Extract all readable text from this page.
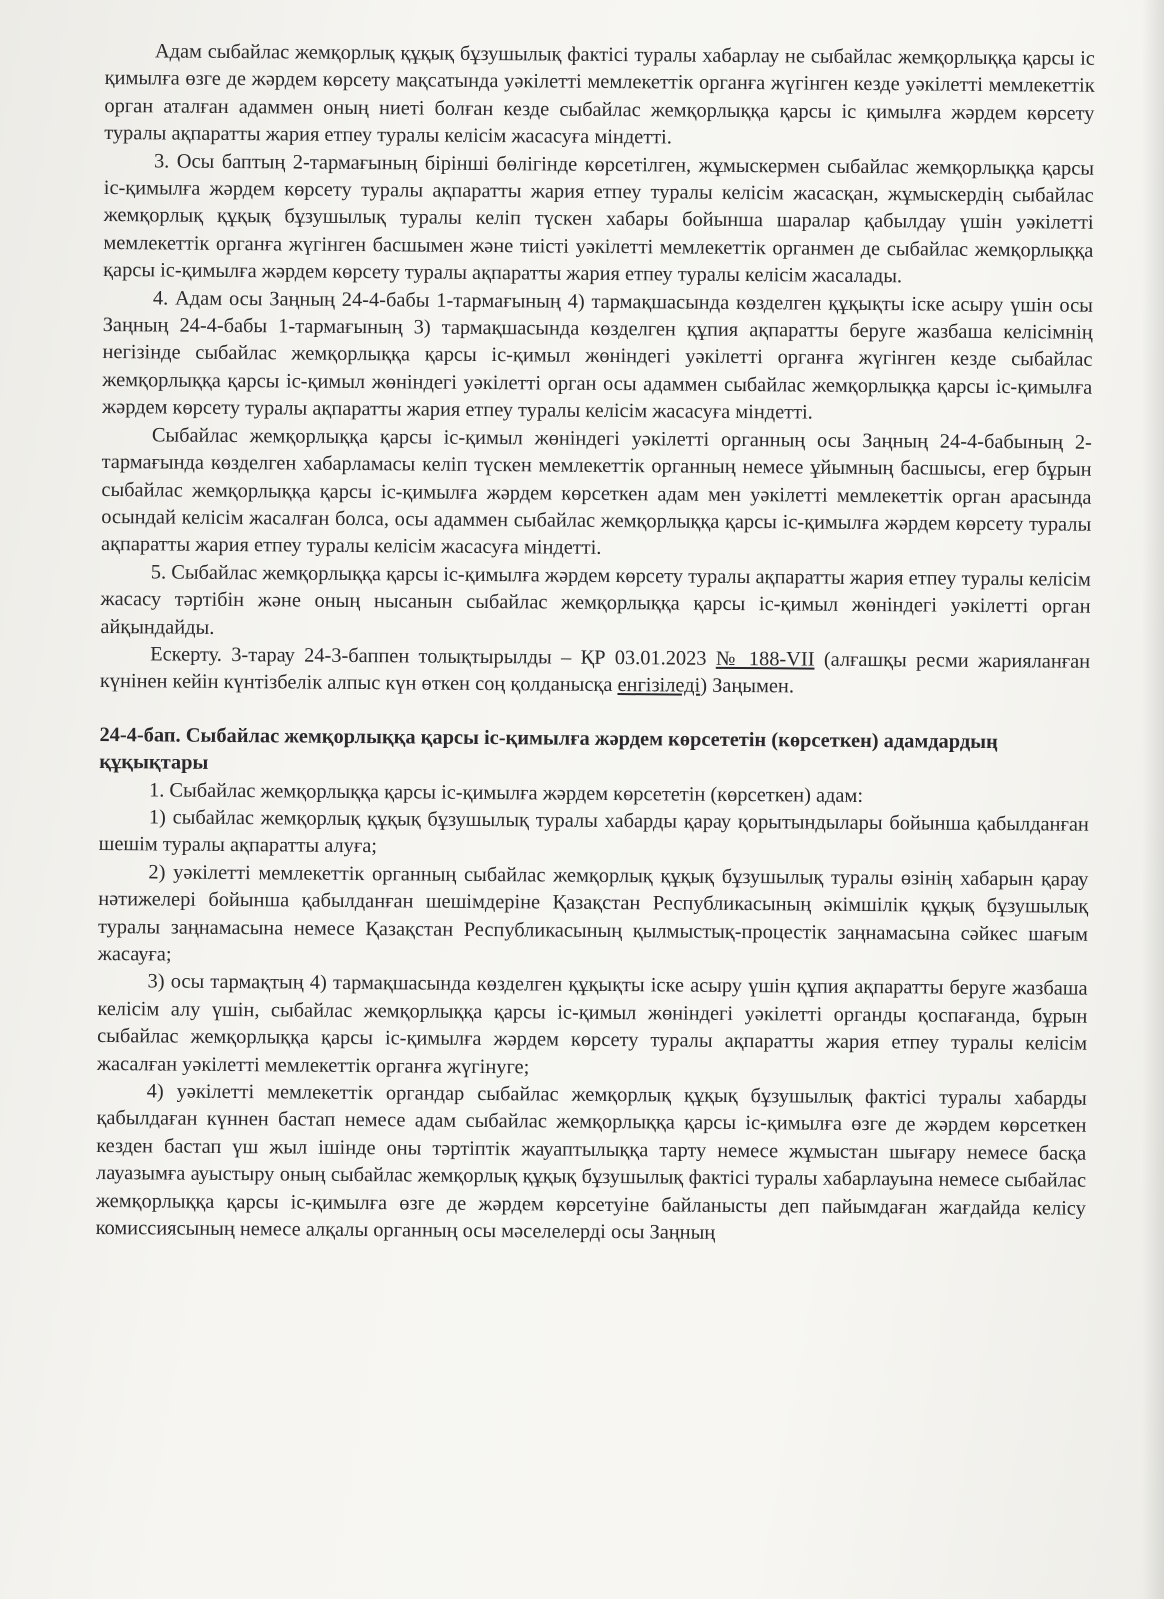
Адам сыбайлас жемқорлық құқық бұзушылық фактісі туралы хабарлау не сыбайлас жемқорлыққа қарсы іс қимылға өзге де жәрдем көрсету мақсатында уәкілетті мемлекеттік органға жүгінген кезде уәкілетті мемлекеттік орган аталған адаммен оның ниеті болған кезде сыбайлас жемқорлыққа қарсы іс қимылға жәрдем көрсету туралы ақпаратты жария етпеу туралы келісім жасасуға міндетті.

3. Осы баптың 2-тармағының бірінші бөлігінде көрсетілген, жұмыскермен сыбайлас жемқорлыққа қарсы іс-қимылға жәрдем көрсету туралы ақпаратты жария етпеу туралы келісім жасасқан, жұмыскердің сыбайлас жемқорлық құқық бұзушылық туралы келіп түскен хабары бойынша шаралар қабылдау үшін уәкілетті мемлекеттік органға жүгінген басшымен және тиісті уәкілетті мемлекеттік органмен де сыбайлас жемқорлыққа қарсы іс-қимылға жәрдем көрсету туралы ақпаратты жария етпеу туралы келісім жасалады.

4. Адам осы Заңның 24-4-бабы 1-тармағының 4) тармақшасында көзделген құқықты іске асыру үшін осы Заңның 24-4-бабы 1-тармағының 3) тармақшасында көзделген құпия ақпаратты беруге жазбаша келісімнің негізінде сыбайлас жемқорлыққа қарсы іс-қимыл жөніндегі уәкілетті органға жүгінген кезде сыбайлас жемқорлыққа қарсы іс-қимыл жөніндегі уәкілетті орган осы адаммен сыбайлас жемқорлыққа қарсы іс-қимылға жәрдем көрсету туралы ақпаратты жария етпеу туралы келісім жасасуға міндетті.

Сыбайлас жемқорлыққа қарсы іс-қимыл жөніндегі уәкілетті органның осы Заңның 24-4-бабының 2-тармағында көзделген хабарламасы келіп түскен мемлекеттік органның немесе ұйымның басшысы, егер бұрын сыбайлас жемқорлыққа қарсы іс-қимылға жәрдем көрсеткен адам мен уәкілетті мемлекеттік орган арасында осындай келісім жасалған болса, осы адаммен сыбайлас жемқорлыққа қарсы іс-қимылға жәрдем көрсету туралы ақпаратты жария етпеу туралы келісім жасасуға міндетті.

5. Сыбайлас жемқорлыққа қарсы іс-қимылға жәрдем көрсету туралы ақпаратты жария етпеу туралы келісім жасасу тәртібін және оның нысанын сыбайлас жемқорлыққа қарсы іс-қимыл жөніндегі уәкілетті орган айқындайды.

Ескерту. 3-тарау 24-3-баппен толықтырылды – ҚР 03.01.2023 № 188-VII (алғашқы ресми жарияланған күнінен кейін күнтізбелік алпыс күн өткен соң қолданысқа енгізіледі) Заңымен.

24-4-бап. Сыбайлас жемқорлыққа қарсы іс-қимылға жәрдем көрсететін (көрсеткен) адамдардың құқықтары

1. Сыбайлас жемқорлыққа қарсы іс-қимылға жәрдем көрсететін (көрсеткен) адам:

1) сыбайлас жемқорлық құқық бұзушылық туралы хабарды қарау қорытындылары бойынша қабылданған шешім туралы ақпаратты алуға;

2) уәкілетті мемлекеттік органның сыбайлас жемқорлық құқық бұзушылық туралы өзінің хабарын қарау нәтижелері бойынша қабылданған шешімдеріне Қазақстан Республикасының әкімшілік құқық бұзушылық туралы заңнамасына немесе Қазақстан Республикасының қылмыстық-процестік заңнамасына сәйкес шағым жасауға;

3) осы тармақтың 4) тармақшасында көзделген құқықты іске асыру үшін құпия ақпаратты беруге жазбаша келісім алу үшін, сыбайлас жемқорлыққа қарсы іс-қимыл жөніндегі уәкілетті органды қоспағанда, бұрын сыбайлас жемқорлыққа қарсы іс-қимылға жәрдем көрсету туралы ақпаратты жария етпеу туралы келісім жасалған уәкілетті мемлекеттік органға жүгінуге;

4) уәкілетті мемлекеттік органдар сыбайлас жемқорлық құқық бұзушылық фактісі туралы хабарды қабылдаған күннен бастап немесе адам сыбайлас жемқорлыққа қарсы іс-қимылға өзге де жәрдем көрсеткен кезден бастап үш жыл ішінде оны тәртіптік жауаптылыққа тарту немесе жұмыстан шығару немесе басқа лауазымға ауыстыру оның сыбайлас жемқорлық құқық бұзушылық фактісі туралы хабарлауына немесе сыбайлас жемқорлыққа қарсы іс-қимылға өзге де жәрдем көрсетуіне байланысты деп пайымдаған жағдайда келісу комиссиясының немесе алқалы органның осы мәселелерді осы Заңның
